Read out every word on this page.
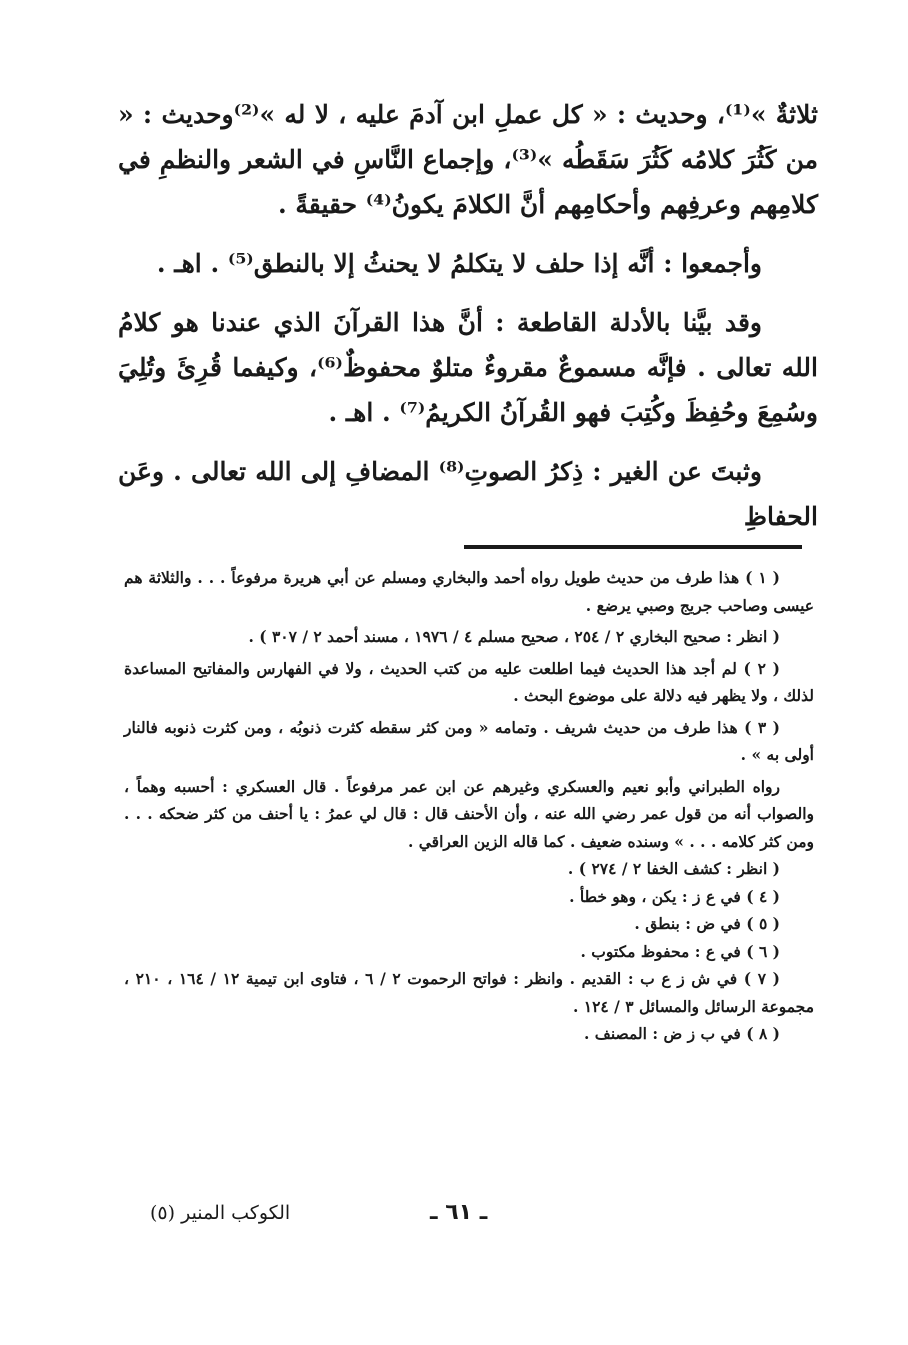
ثلاثةٌ »⁽¹⁾، وحديث : « كل عملِ ابن آدمَ عليه ، لا له »⁽²⁾وحديث : « من كَثُرَ كلامُه كَثُرَ سَقَطُه »⁽³⁾، وإجماع النَّاسِ في الشعر والنظمِ في كلامِهم وعرفِهم وأحكامِهم أنَّ الكلامَ يكونُ⁽⁴⁾ حقيقةً .

وأجمعوا : أنَّه إذا حلف لا يتكلمُ لا يحنثُ إلا بالنطق⁽⁵⁾ . اهـ .

وقد بيَّنا بالأدلة القاطعة : أنَّ هذا القرآنَ الذي عندنا هو كلامُ الله تعالى . فإنَّه مسموعٌ مقروءٌ متلوٌ محفوظٌ⁽⁶⁾، وكيفما قُرِئَ وتُلِيَ وسُمِعَ وحُفِظَ وكُتِبَ فهو القُرآنُ الكريمُ⁽⁷⁾ . اهـ .

وثبتَ عن الغير : ذِكرُ الصوتِ⁽⁸⁾ المضافِ إلى الله تعالى . وعَن الحفاظِ

( ١ ) هذا طرف من حديث طويل رواه أحمد والبخاري ومسلم عن أبي هريرة مرفوعاً . . . والثلاثة هم عيسى وصاحب جريج وصبي يرضع .

( انظر : صحيح البخاري ٢ / ٢٥٤ ، صحيح مسلم ٤ / ١٩٧٦ ، مسند أحمد ٢ / ٣٠٧ ) .

( ٢ ) لم أجد هذا الحديث فيما اطلعت عليه من كتب الحديث ، ولا في الفهارس والمفاتيح المساعدة لذلك ، ولا يظهر فيه دلالة على موضوع البحث .

( ٣ ) هذا طرف من حديث شريف . وتمامه « ومن كثر سقطه كثرت ذنوبُه ، ومن كثرت ذنوبه فالنار أولى به » .

رواه الطبراني وأبو نعيم والعسكري وغيرهم عن ابن عمر مرفوعاً . قال العسكري : أحسبه وهماً ، والصواب أنه من قول عمر رضي الله عنه ، وأن الأحنف قال : قال لي عمرُ : يا أحنف من كثر ضحكه . . . ومن كثر كلامه . . . » وسنده ضعيف . كما قاله الزين العراقي .

( انظر : كشف الخفا ٢ / ٢٧٤ ) .

( ٤ ) في ع ز : يكن ، وهو خطأ .

( ٥ ) في ض : بنطق .

( ٦ ) في ع : محفوظ مكتوب .

( ٧ ) في ش ز ع ب : القديم . وانظر : فواتح الرحموت ٢ / ٦ ، فتاوى ابن تيمية ١٢ / ١٦٤ ، ٢١٠ ، مجموعة الرسائل والمسائل ٣ / ١٢٤ .

( ٨ ) في ب ز ض : المصنف .

ـ ٦١ ـ
الكوكب المنير (٥)
